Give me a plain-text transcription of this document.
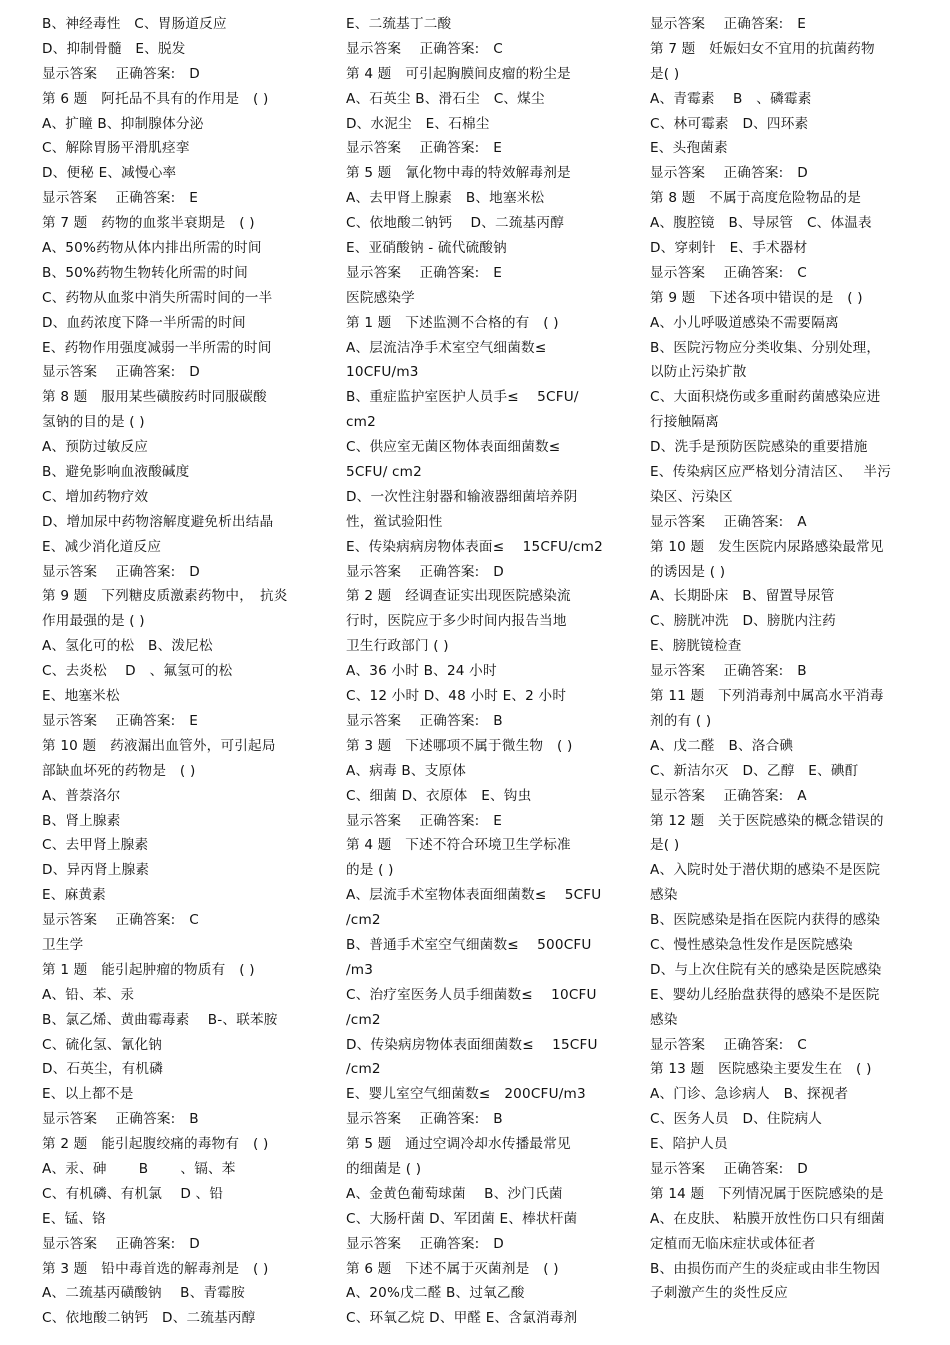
B、神经毒性　C、胃肠道反应
D、抑制骨髓　E、脱发
显示答案　 正确答案:　D
第 6 题　阿托品不具有的作用是　( )
A、扩瞳 B、抑制腺体分泌
C、解除胃肠平滑肌痉挛
D、便秘 E、减慢心率
显示答案　 正确答案:　E
第 7 题　药物的血浆半衰期是　( )
A、50%药物从体内排出所需的时间
B、50%药物生物转化所需的时间
C、药物从血浆中消失所需时间的一半
D、血药浓度下降一半所需的时间
E、药物作用强度减弱一半所需的时间
显示答案　 正确答案:　D
第 8 题　服用某些磺胺药时同服碳酸
氢钠的目的是 ( )
A、预防过敏反应
B、避免影响血液酸碱度
C、增加药物疗效
D、增加尿中药物溶解度避免析出结晶
E、减少消化道反应
显示答案　 正确答案:　D
第 9 题　下列糖皮质激素药物中，　抗炎
作用最强的是 ( )
A、氢化可的松　B、泼尼松
C、去炎松　 D　、氟氢可的松
E、地塞米松
显示答案　 正确答案:　E
第 10 题　药液漏出血管外，可引起局
部缺血坏死的药物是　( )
A、普萘洛尔
B、肾上腺素
C、去甲肾上腺素
D、异丙肾上腺素
E、麻黄素
显示答案　 正确答案:　C
卫生学
第 1 题　能引起肿瘤的物质有　( )
A、铅、苯、汞
B、氯乙烯、黄曲霉毒素　 B-、联苯胺
C、硫化氢、氰化钠
D、石英尘，有机磷
E、以上都不是
显示答案　 正确答案:　B
第 2 题　能引起腹绞痛的毒物有　( )
A、汞、砷　　 B　　 、镉、苯
C、有机磷、有机氯　 D 、铅
E、锰、铬
显示答案　 正确答案:　D
第 3 题　铅中毒首选的解毒剂是　( )
A、二巯基丙磺酸钠　 B、青霉胺
C、依地酸二钠钙　D、二巯基丙醇
E、二巯基丁二酸
显示答案　 正确答案:　C
第 4 题　可引起胸膜间皮瘤的粉尘是
A、石英尘 B、滑石尘　C、煤尘
D、水泥尘　E、石棉尘
显示答案　 正确答案:　E
第 5 题　氰化物中毒的特效解毒剂是
A、去甲肾上腺素　B、地塞米松
C、依地酸二钠钙　 D、二巯基丙醇
E、亚硝酸钠 - 硫代硫酸钠
显示答案　 正确答案:　E
医院感染学
第 1 题　下述监测不合格的有　( )
A、层流洁净手术室空气细菌数≤
10CFU∕m3
B、重症监护室医护人员手≤　 5CFU∕
cm2
C、供应室无菌区物体表面细菌数≤
5CFU∕ cm2
D、一次性注射器和输液器细菌培养阴
性，鲎试验阳性
E、传染病病房物体表面≤　 15CFU∕cm2
显示答案　 正确答案:　D
第 2 题　经调查证实出现医院感染流
行时，医院应于多少时间内报告当地
卫生行政部门 ( )
A、36 小时 B、24 小时
C、12 小时 D、48 小时 E、2 小时
显示答案　 正确答案:　B
第 3 题　下述哪项不属于微生物　( )
A、病毒 B、支原体
C、细菌 D、衣原体　E、钩虫
显示答案　 正确答案:　E
第 4 题　下述不符合环境卫生学标准
的是 ( )
A、层流手术室物体表面细菌数≤　 5CFU
∕cm2
B、普通手术室空气细菌数≤　 500CFU
∕m3
C、治疗室医务人员手细菌数≤　 10CFU
∕cm2
D、传染病房物体表面细菌数≤　 15CFU
∕cm2
E、婴儿室空气细菌数≤　200CFU∕m3
显示答案　 正确答案:　B
第 5 题　通过空调冷却水传播最常见
的细菌是 ( )
A、金黄色葡萄球菌　 B、沙门氏菌
C、大肠杆菌 D、军团菌 E、棒状杆菌
显示答案　 正确答案:　D
第 6 题　下述不属于灭菌剂是　( )
A、20%戊二醛 B、过氧乙酸
C、环氧乙烷 D、甲醛 E、含氯消毒剂
显示答案　 正确答案:　E
第 7 题　妊娠妇女不宜用的抗菌药物
是( )
A、青霉素　 B　、磷霉素
C、林可霉素　D、四环素
E、头孢菌素
显示答案　 正确答案:　D
第 8 题　不属于高度危险物品的是
A、腹腔镜　B、导尿管　C、体温表
D、穿刺针　E、手术器材
显示答案　 正确答案:　C
第 9 题　下述各项中错误的是　( )
A、小儿呼吸道感染不需要隔离
B、医院污物应分类收集、分别处理，
以防止污染扩散
C、大面积烧伤或多重耐药菌感染应进
行接触隔离
D、洗手是预防医院感染的重要措施
E、传染病区应严格划分清洁区、　 半污
染区、污染区
显示答案　 正确答案:　A
第 10 题　发生医院内尿路感染最常见
的诱因是 ( )
A、长期卧床　B、留置导尿管
C、膀胱冲洗　D、膀胱内注药
E、膀胱镜检查
显示答案　 正确答案:　B
第 11 题　下列消毒剂中属高水平消毒
剂的有 ( )
A、戊二醛　B、洛合碘
C、新洁尔灭　D、乙醇　E、碘酊
显示答案　 正确答案:　A
第 12 题　关于医院感染的概念错误的
是( )
A、入院时处于潜伏期的感染不是医院
感染
B、医院感染是指在医院内获得的感染
C、慢性感染急性发作是医院感染
D、与上次住院有关的感染是医院感染
E、婴幼儿经胎盘获得的感染不是医院
感染
显示答案　 正确答案:　C
第 13 题　医院感染主要发生在　( )
A、门诊、急诊病人　B、探视者
C、医务人员　D、住院病人
E、陪护人员
显示答案　 正确答案:　D
第 14 题　下列情况属于医院感染的是
A、在皮肤、 粘膜开放性伤口只有细菌
定植而无临床症状或体征者
B、由损伤而产生的炎症或由非生物因
子刺激产生的炎性反应
